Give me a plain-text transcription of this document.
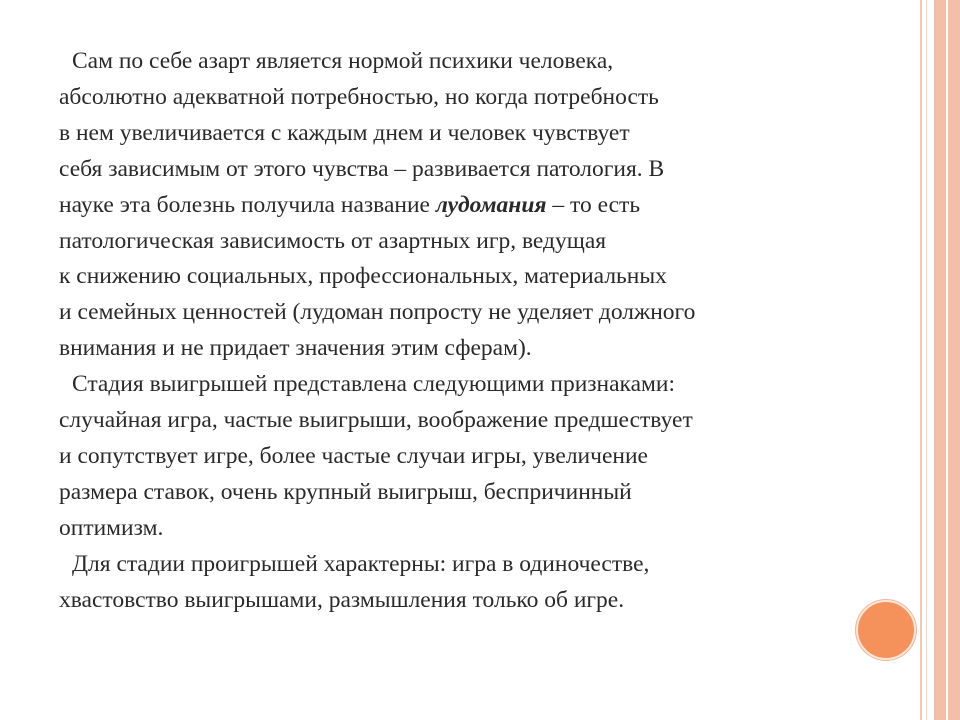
Сам по себе азарт является нормой психики человека,
абсолютно адекватной потребностью, но когда потребность
в нем увеличивается с каждым днем и человек чувствует
себя зависимым от этого чувства – развивается патология. В
науке эта болезнь получила название лудомания – то есть
патологическая зависимость от азартных игр, ведущая
к снижению социальных, профессиональных, материальных
и семейных ценностей (лудоман попросту не уделяет должного
внимания и не придает значения этим сферам).
Стадия выигрышей представлена следующими признаками:
случайная игра, частые выигрыши, воображение предшествует
и сопутствует игре, более частые случаи игры, увеличение
размера ставок, очень крупный выигрыш, беспричинный
оптимизм.
Для стадии проигрышей характерны: игра в одиночестве,
хвастовство выигрышами, размышления только об игре.
